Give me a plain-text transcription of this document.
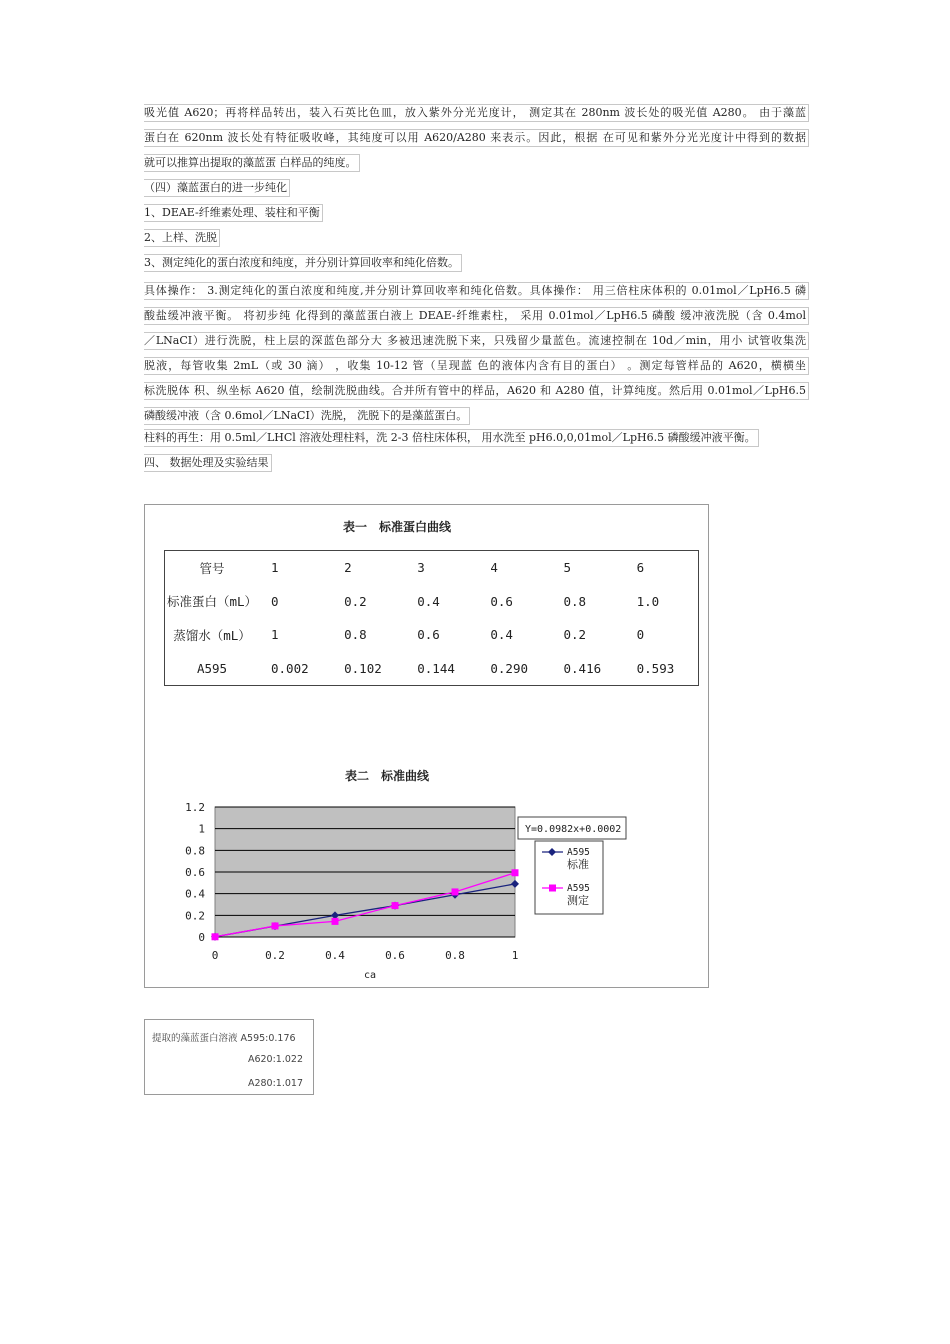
吸光值 A620；再将样品转出，装入石英比色皿，放入紫外分光光度计， 测定其在 280nm 波长处的吸光值 A280。 由于藻蓝
蛋白在 620nm 波长处有特征吸收峰，其纯度可以用 A620/A280 来表示。因此，根据 在可见和紫外分光光度计中得到的数据
就可以推算出提取的藻蓝蛋 白样品的纯度。
（四）藻蓝蛋白的进一步纯化
1、DEAE-纤维素处理、装柱和平衡
2、上样、洗脱
3、测定纯化的蛋白浓度和纯度，并分别计算回收率和纯化倍数。
具体操作： 3.测定纯化的蛋白浓度和纯度,并分别计算回收率和纯化倍数。具体操作： 用三倍柱床体积的 0.01mol／LpH6.5 磷
酸盐缓冲液平衡。 将初步纯 化得到的藻蓝蛋白液上 DEAE-纤维素柱， 采用 0.01mol／LpH6.5 磷酸 缓冲液洗脱（含 0.4mol
／LNaCI）进行洗脱，柱上层的深蓝色部分大 多被迅速洗脱下来，只残留少量蓝色。流速控制在 10d／min，用小 试管收集洗
脱液，每管收集 2mL（或 30 滴） ，收集 10-12 管（呈现蓝 色的液体内含有目的蛋白） 。测定每管样品的 A620，横横坐
标洗脱体 积、纵坐标 A620 值，绘制洗脱曲线。合并所有管中的样品，A620 和 A280 值，计算纯度。然后用 0.01mol／LpH6.5
磷酸缓冲液（含 0.6mol／LNaCI）洗脱， 洗脱下的是藻蓝蛋白。
柱料的再生：用 0.5ml／LHCl 溶液处理柱料，洗 2-3 倍柱床体积， 用水洗至 pH6.0,0,01mol／LpH6.5 磷酸缓冲液平衡。
四、 数据处理及实验结果
表一　标准蛋白曲线
管号	1	2	3	4	5	6
标准蛋白（mL）	0	0.2	0.4	0.6	0.8	1.0
蒸馏水（mL）	1	0.8	0.6	0.4	0.2	0
A595	0.002	0.102	0.144	0.290	0.416	0.593
表二　标准曲线
0
0.2
0.4
0.6
0.8
1
1.2
0	0.2	0.4	0.6	0.8	1
ca
Y=0.0982x+0.0002
A595
标准
A595
测定
提取的藻蓝蛋白溶液 A595:0.176
A620:1.022
A280:1.017
